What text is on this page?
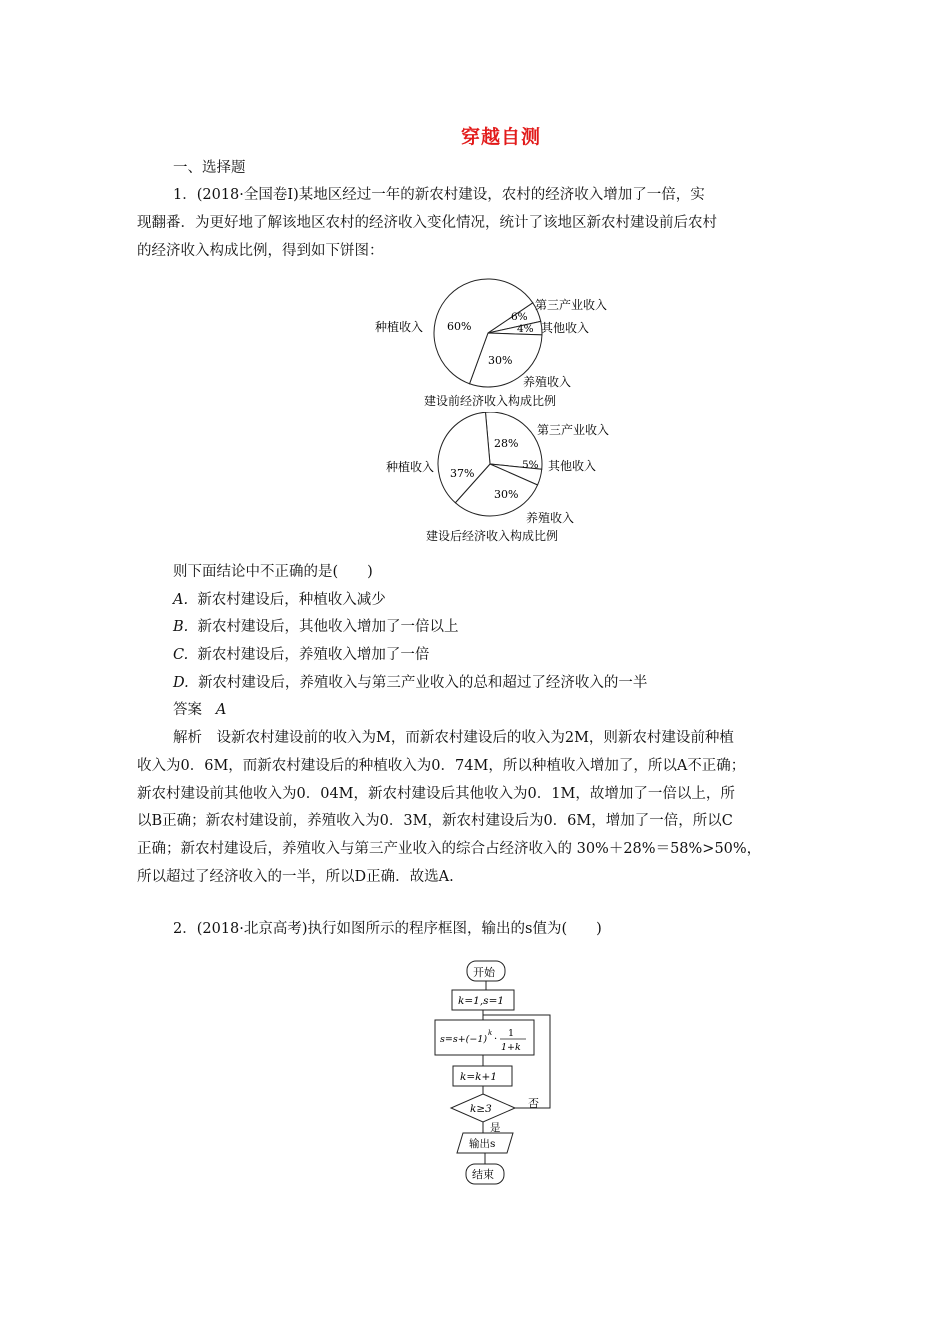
穿越自测
一、选择题
1．(2018·全国卷Ⅰ)某地区经过一年的新农村建设，农村的经济收入增加了一倍，实
现翻番．为更好地了解该地区农村的经济收入变化情况，统计了该地区新农村建设前后农村
的经济收入构成比例，得到如下饼图：
种植收入
第三产业收入
其他收入
养殖收入
60%
6%
4%
30%
建设前经济收入构成比例
种植收入
第三产业收入
其他收入
养殖收入
37%
28%
5%
30%
建设后经济收入构成比例
则下面结论中不正确的是(　　)
A. 新农村建设后，种植收入减少
B. 新农村建设后，其他收入增加了一倍以上
C. 新农村建设后，养殖收入增加了一倍
D. 新农村建设后，养殖收入与第三产业收入的总和超过了经济收入的一半
答案 A
解析　设新农村建设前的收入为M，而新农村建设后的收入为2M，则新农村建设前种植
收入为0．6M，而新农村建设后的种植收入为0．74M，所以种植收入增加了，所以A不正确；
新农村建设前其他收入为0．04M，新农村建设后其他收入为0．1M，故增加了一倍以上，所
以B正确；新农村建设前，养殖收入为0．3M，新农村建设后为0．6M，增加了一倍，所以C
正确；新农村建设后，养殖收入与第三产业收入的综合占经济收入的 30%＋28%＝58%>50%，
所以超过了经济收入的一半，所以D正确．故选A.
2．(2018·北京高考)执行如图所示的程序框图，输出的s值为(　　)
开始
k=1,s=1
s=s+(−1)
k
·
1
1+k
k=k+1
k≥3
是
否
输出s
结束
